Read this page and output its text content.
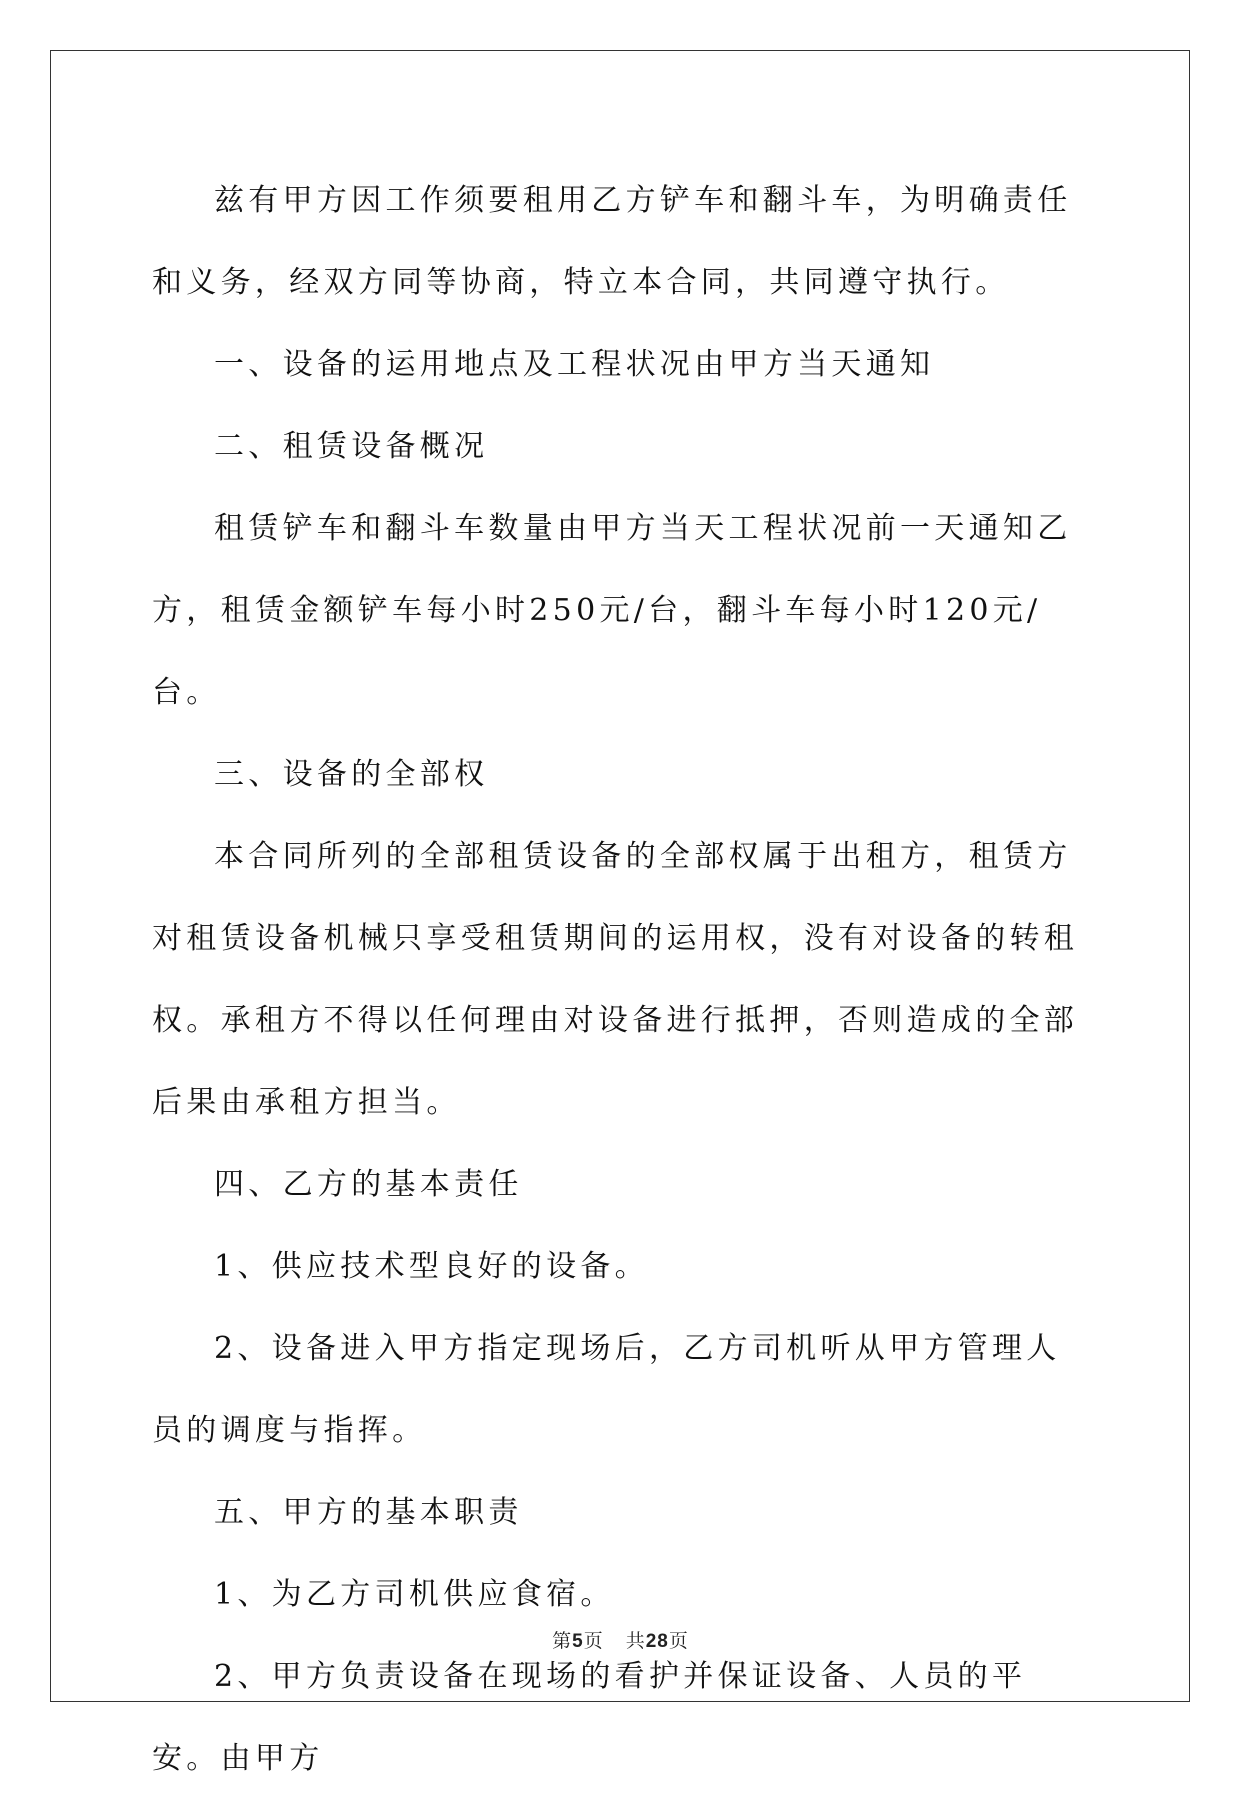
兹有甲方因工作须要租用乙方铲车和翻斗车，为明确责任和义务，经双方同等协商，特立本合同，共同遵守执行。

一、设备的运用地点及工程状况由甲方当天通知

二、租赁设备概况

租赁铲车和翻斗车数量由甲方当天工程状况前一天通知乙方，租赁金额铲车每小时250元/台，翻斗车每小时120元/台。

三、设备的全部权

本合同所列的全部租赁设备的全部权属于出租方，租赁方对租赁设备机械只享受租赁期间的运用权，没有对设备的转租权。承租方不得以任何理由对设备进行抵押，否则造成的全部后果由承租方担当。

四、乙方的基本责任

1、供应技术型良好的设备。

2、设备进入甲方指定现场后，乙方司机听从甲方管理人员的调度与指挥。

五、甲方的基本职责

1、为乙方司机供应食宿。

2、甲方负责设备在现场的看护并保证设备、人员的平安。由甲方

第5页 共28页
